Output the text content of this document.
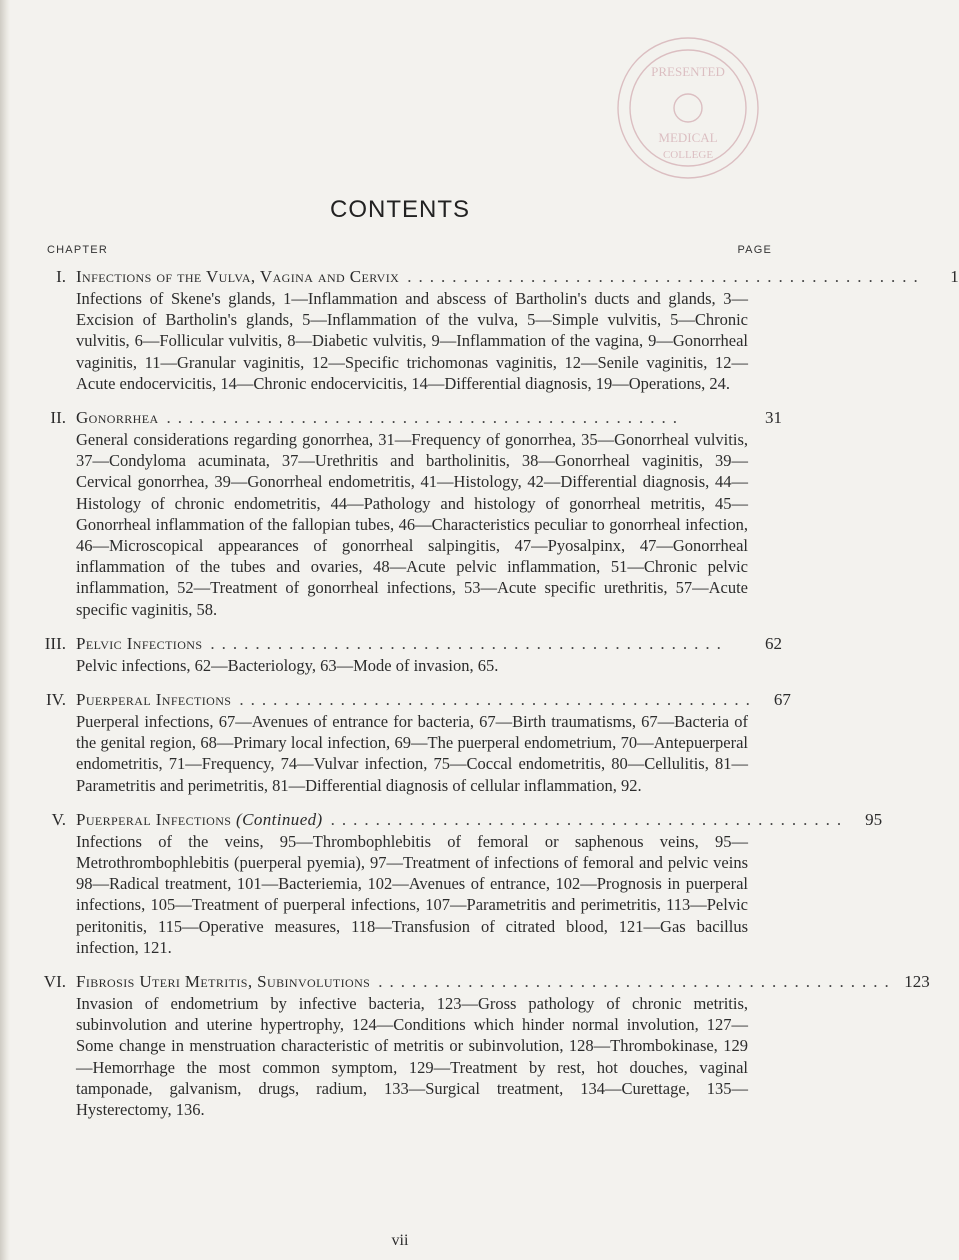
PRESENTED
MEDICAL
COLLEGE
CONTENTS
CHAPTER	PAGE
I. Infections of the Vulva, Vagina and Cervix ..............................................	1
Infections of Skene's glands, 1—Inflammation and abscess of Bartholin's ducts and glands, 3—Excision of Bartholin's glands, 5—Inflammation of the vulva, 5—Simple vulvitis, 5—Chronic vulvitis, 6—Follicular vulvitis, 8—Diabetic vulvitis, 9—Inflammation of the vagina, 9—Gonorrheal vaginitis, 11—Granular vaginitis, 12—Specific trichomonas vaginitis, 12—Senile vaginitis, 12—Acute endocervicitis, 14—Chronic endocervicitis, 14—Differential diagnosis, 19—Operations, 24.
II. Gonorrhea ..............................................	31
General considerations regarding gonorrhea, 31—Frequency of gonorrhea, 35—Gonorrheal vulvitis, 37—Condyloma acuminata, 37—Urethritis and bartholinitis, 38—Gonorrheal vaginitis, 39—Cervical gonorrhea, 39—Gonorrheal endometritis, 41—Histology, 42—Differential diagnosis, 44—Histology of chronic endometritis, 44—Pathology and histology of gonorrheal metritis, 45—Gonorrheal inflammation of the fallopian tubes, 46—Characteristics peculiar to gonorrheal infection, 46—Microscopical appearances of gonorrheal salpingitis, 47—Pyosalpinx, 47—Gonorrheal inflammation of the tubes and ovaries, 48—Acute pelvic inflammation, 51—Chronic pelvic inflammation, 52—Treatment of gonorrheal infections, 53—Acute specific urethritis, 57—Acute specific vaginitis, 58.
III. Pelvic Infections ..............................................	62
Pelvic infections, 62—Bacteriology, 63—Mode of invasion, 65.
IV. Puerperal Infections ..............................................	67
Puerperal infections, 67—Avenues of entrance for bacteria, 67—Birth traumatisms, 67—Bacteria of the genital region, 68—Primary local infection, 69—The puerperal endometrium, 70—Antepuerperal endometritis, 71—Frequency, 74—Vulvar infection, 75—Coccal endometritis, 80—Cellulitis, 81—Parametritis and perimetritis, 81—Differential diagnosis of cellular inflammation, 92.
V. Puerperal Infections (Continued) ..............................................	95
Infections of the veins, 95—Thrombophlebitis of femoral or saphenous veins, 95—Metrothrombophlebitis (puerperal pyemia), 97—Treatment of infections of femoral and pelvic veins 98—Radical treatment, 101—Bacteriemia, 102—Avenues of entrance, 102—Prognosis in puerperal infections, 105—Treatment of puerperal infections, 107—Parametritis and perimetritis, 113—Pelvic peritonitis, 115—Operative measures, 118—Transfusion of citrated blood, 121—Gas bacillus infection, 121.
VI. Fibrosis Uteri Metritis, Subinvolutions .............................................. 123
Invasion of endometrium by infective bacteria, 123—Gross pathology of chronic metritis, subinvolution and uterine hypertrophy, 124—Conditions which hinder normal involution, 127—Some change in menstruation characteristic of metritis or subinvolution, 128—Thrombokinase, 129—Hemorrhage the most common symptom, 129—Treatment by rest, hot douches, vaginal tamponade, galvanism, drugs, radium, 133—Surgical treatment, 134—Curettage, 135—Hysterectomy, 136.
vii
